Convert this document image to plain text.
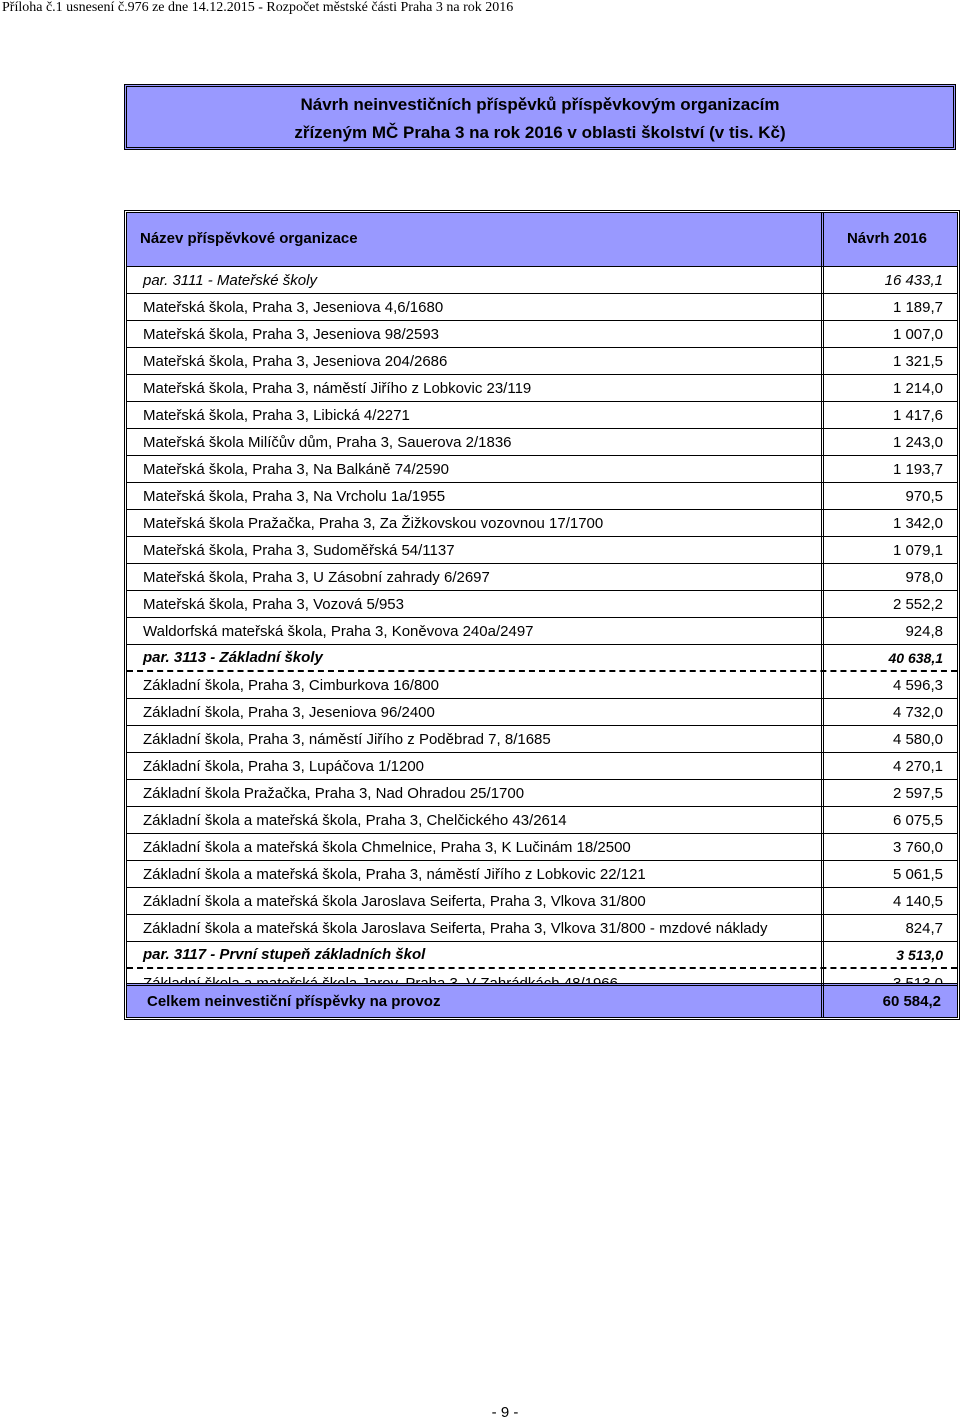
Příloha č.1 usnesení č.976 ze dne 14.12.2015 - Rozpočet městské části Praha 3 na rok 2016
Návrh neinvestičních příspěvků příspěvkovým organizacím
zřízeným MČ Praha 3 na rok 2016 v oblasti školství (v tis. Kč)
Název příspěvkové organizace	Návrh 2016
par. 3111 - Mateřské školy	16 433,1
Mateřská škola, Praha 3, Jeseniova 4,6/1680	1 189,7
Mateřská škola, Praha 3, Jeseniova 98/2593	1 007,0
Mateřská škola, Praha 3, Jeseniova 204/2686	1 321,5
Mateřská škola, Praha 3, náměstí Jiřího z Lobkovic 23/119	1 214,0
Mateřská škola, Praha 3, Libická 4/2271	1 417,6
Mateřská škola Milíčův dům, Praha 3, Sauerova 2/1836	1 243,0
Mateřská škola, Praha 3, Na Balkáně 74/2590	1 193,7
Mateřská škola, Praha 3, Na Vrcholu 1a/1955	970,5
Mateřská škola Pražačka, Praha 3, Za Žižkovskou vozovnou 17/1700	1 342,0
Mateřská škola, Praha 3, Sudoměřská 54/1137	1 079,1
Mateřská škola, Praha 3, U Zásobní zahrady 6/2697	978,0
Mateřská škola, Praha 3, Vozová 5/953	2 552,2
Waldorfská mateřská škola, Praha 3, Koněvova 240a/2497	924,8
par. 3113 - Základní školy	40 638,1
Základní škola, Praha 3, Cimburkova 16/800	4 596,3
Základní škola, Praha 3, Jeseniova 96/2400	4 732,0
Základní škola, Praha 3, náměstí Jiřího z Poděbrad 7, 8/1685	4 580,0
Základní škola, Praha 3, Lupáčova 1/1200	4 270,1
Základní škola Pražačka, Praha 3, Nad Ohradou 25/1700	2 597,5
Základní škola a mateřská škola, Praha 3, Chelčického 43/2614	6 075,5
Základní škola a mateřská škola Chmelnice, Praha 3, K Lučinám 18/2500	3 760,0
Základní škola a mateřská škola, Praha 3, náměstí Jiřího z Lobkovic 22/121	5 061,5
Základní škola a mateřská škola Jaroslava Seiferta, Praha 3, Vlkova 31/800	4 140,5
Základní škola a mateřská škola Jaroslava Seiferta, Praha 3, Vlkova 31/800 - mzdové náklady	824,7
par. 3117 - První stupeň základních škol	3 513,0
Celkem neinvestiční příspěvky na provoz	60 584,2
- 9 -
